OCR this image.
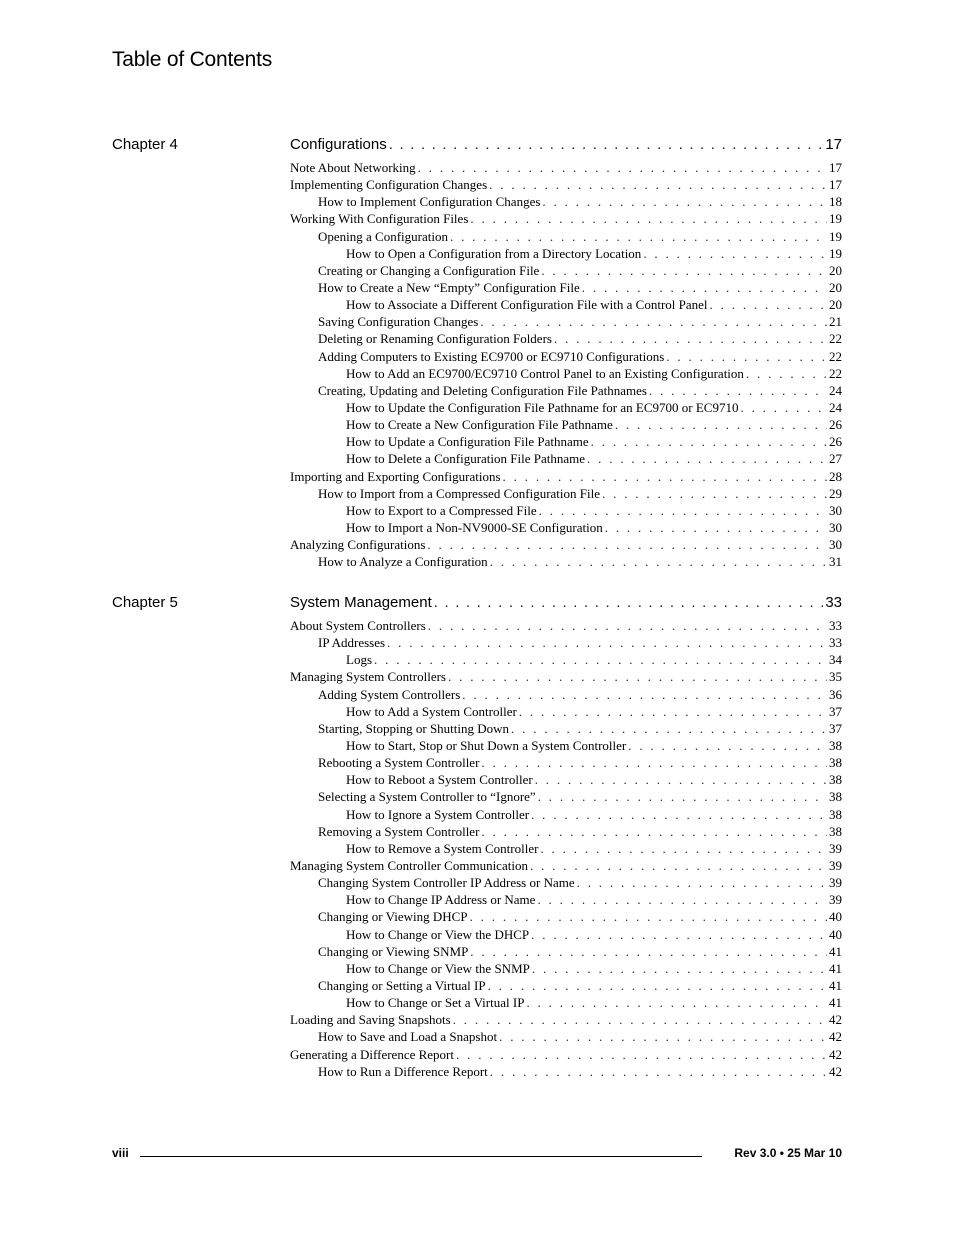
Table of Contents
Chapter 4	Configurations . . .	17
Note About Networking . . .	17
Implementing Configuration Changes . . .	17
How to Implement Configuration Changes . . .	18
Working With Configuration Files . . .	19
Opening a Configuration . . .	19
How to Open a Configuration from a Directory Location . . .	19
Creating or Changing a Configuration File . . .	20
How to Create a New “Empty” Configuration File . . .	20
How to Associate a Different Configuration File with a Control Panel . . .	20
Saving Configuration Changes . . .	21
Deleting or Renaming Configuration Folders . . .	22
Adding Computers to Existing EC9700 or EC9710 Configurations . . .	22
How to Add an EC9700/EC9710 Control Panel to an Existing Configuration . . .	22
Creating, Updating and Deleting Configuration File Pathnames . . .	24
How to Update the Configuration File Pathname for an EC9700 or EC9710 . . .	24
How to Create a New Configuration File Pathname . . .	26
How to Update a Configuration File Pathname . . .	26
How to Delete a Configuration File Pathname . . .	27
Importing and Exporting Configurations . . .	28
How to Import from a Compressed Configuration File . . .	29
How to Export to a Compressed File . . .	30
How to Import a Non-NV9000-SE Configuration . . .	30
Analyzing Configurations . . .	30
How to Analyze a Configuration . . .	31
Chapter 5	System Management . . .	33
About System Controllers . . .	33
IP Addresses . . .	33
Logs . . .	34
Managing System Controllers . . .	35
Adding System Controllers . . .	36
How to Add a System Controller . . .	37
Starting, Stopping or Shutting Down . . .	37
How to Start, Stop or Shut Down a System Controller . . .	38
Rebooting a System Controller . . .	38
How to Reboot a System Controller . . .	38
Selecting a System Controller to “Ignore” . . .	38
How to Ignore a System Controller . . .	38
Removing a System Controller . . .	38
How to Remove a System Controller . . .	39
Managing System Controller Communication . . .	39
Changing System Controller IP Address or Name . . .	39
How to Change IP Address or Name . . .	39
Changing or Viewing DHCP . . .	40
How to Change or View the DHCP . . .	40
Changing or Viewing SNMP . . .	41
How to Change or View the SNMP . . .	41
Changing or Setting a Virtual IP . . .	41
How to Change or Set a Virtual IP . . .	41
Loading and Saving Snapshots . . .	42
How to Save and Load a Snapshot . . .	42
Generating a Difference Report . . .	42
How to Run a Difference Report . . .	42
viii	Rev 3.0 • 25 Mar 10
